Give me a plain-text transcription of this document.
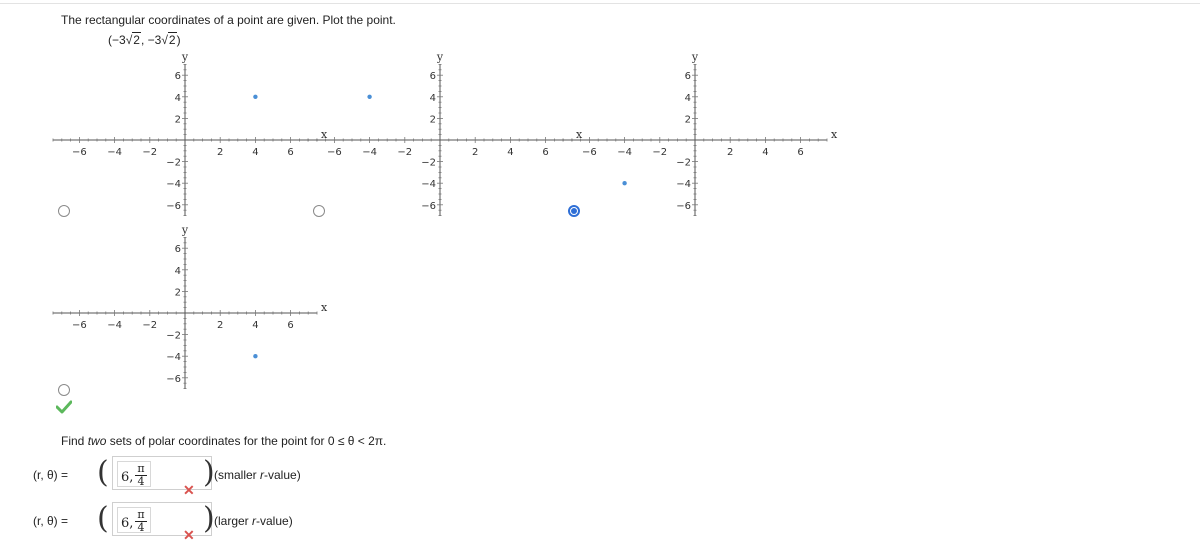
The rectangular coordinates of a point are given. Plot the point.
(−3√2, −3√2)
−6
−6
−4
−4
−2
−2
2
2
4
4
6
6
x
y
−6
−6
−4
−4
−2
−2
2
2
4
4
6
6
x
y
−6
−6
−4
−4
−2
−2
2
2
4
4
6
6
x
y
−6
−6
−4
−4
−2
−2
2
2
4
4
6
6
x
y
Find two sets of polar coordinates for the point for 0 ≤ θ < 2π.
(r, θ) = ( 6, $\frac{\pi}{4}$ ) (smaller r-value)
✕
(r, θ) = ( 6, $\frac{\pi}{4}$ ) (larger r-value)
✕
